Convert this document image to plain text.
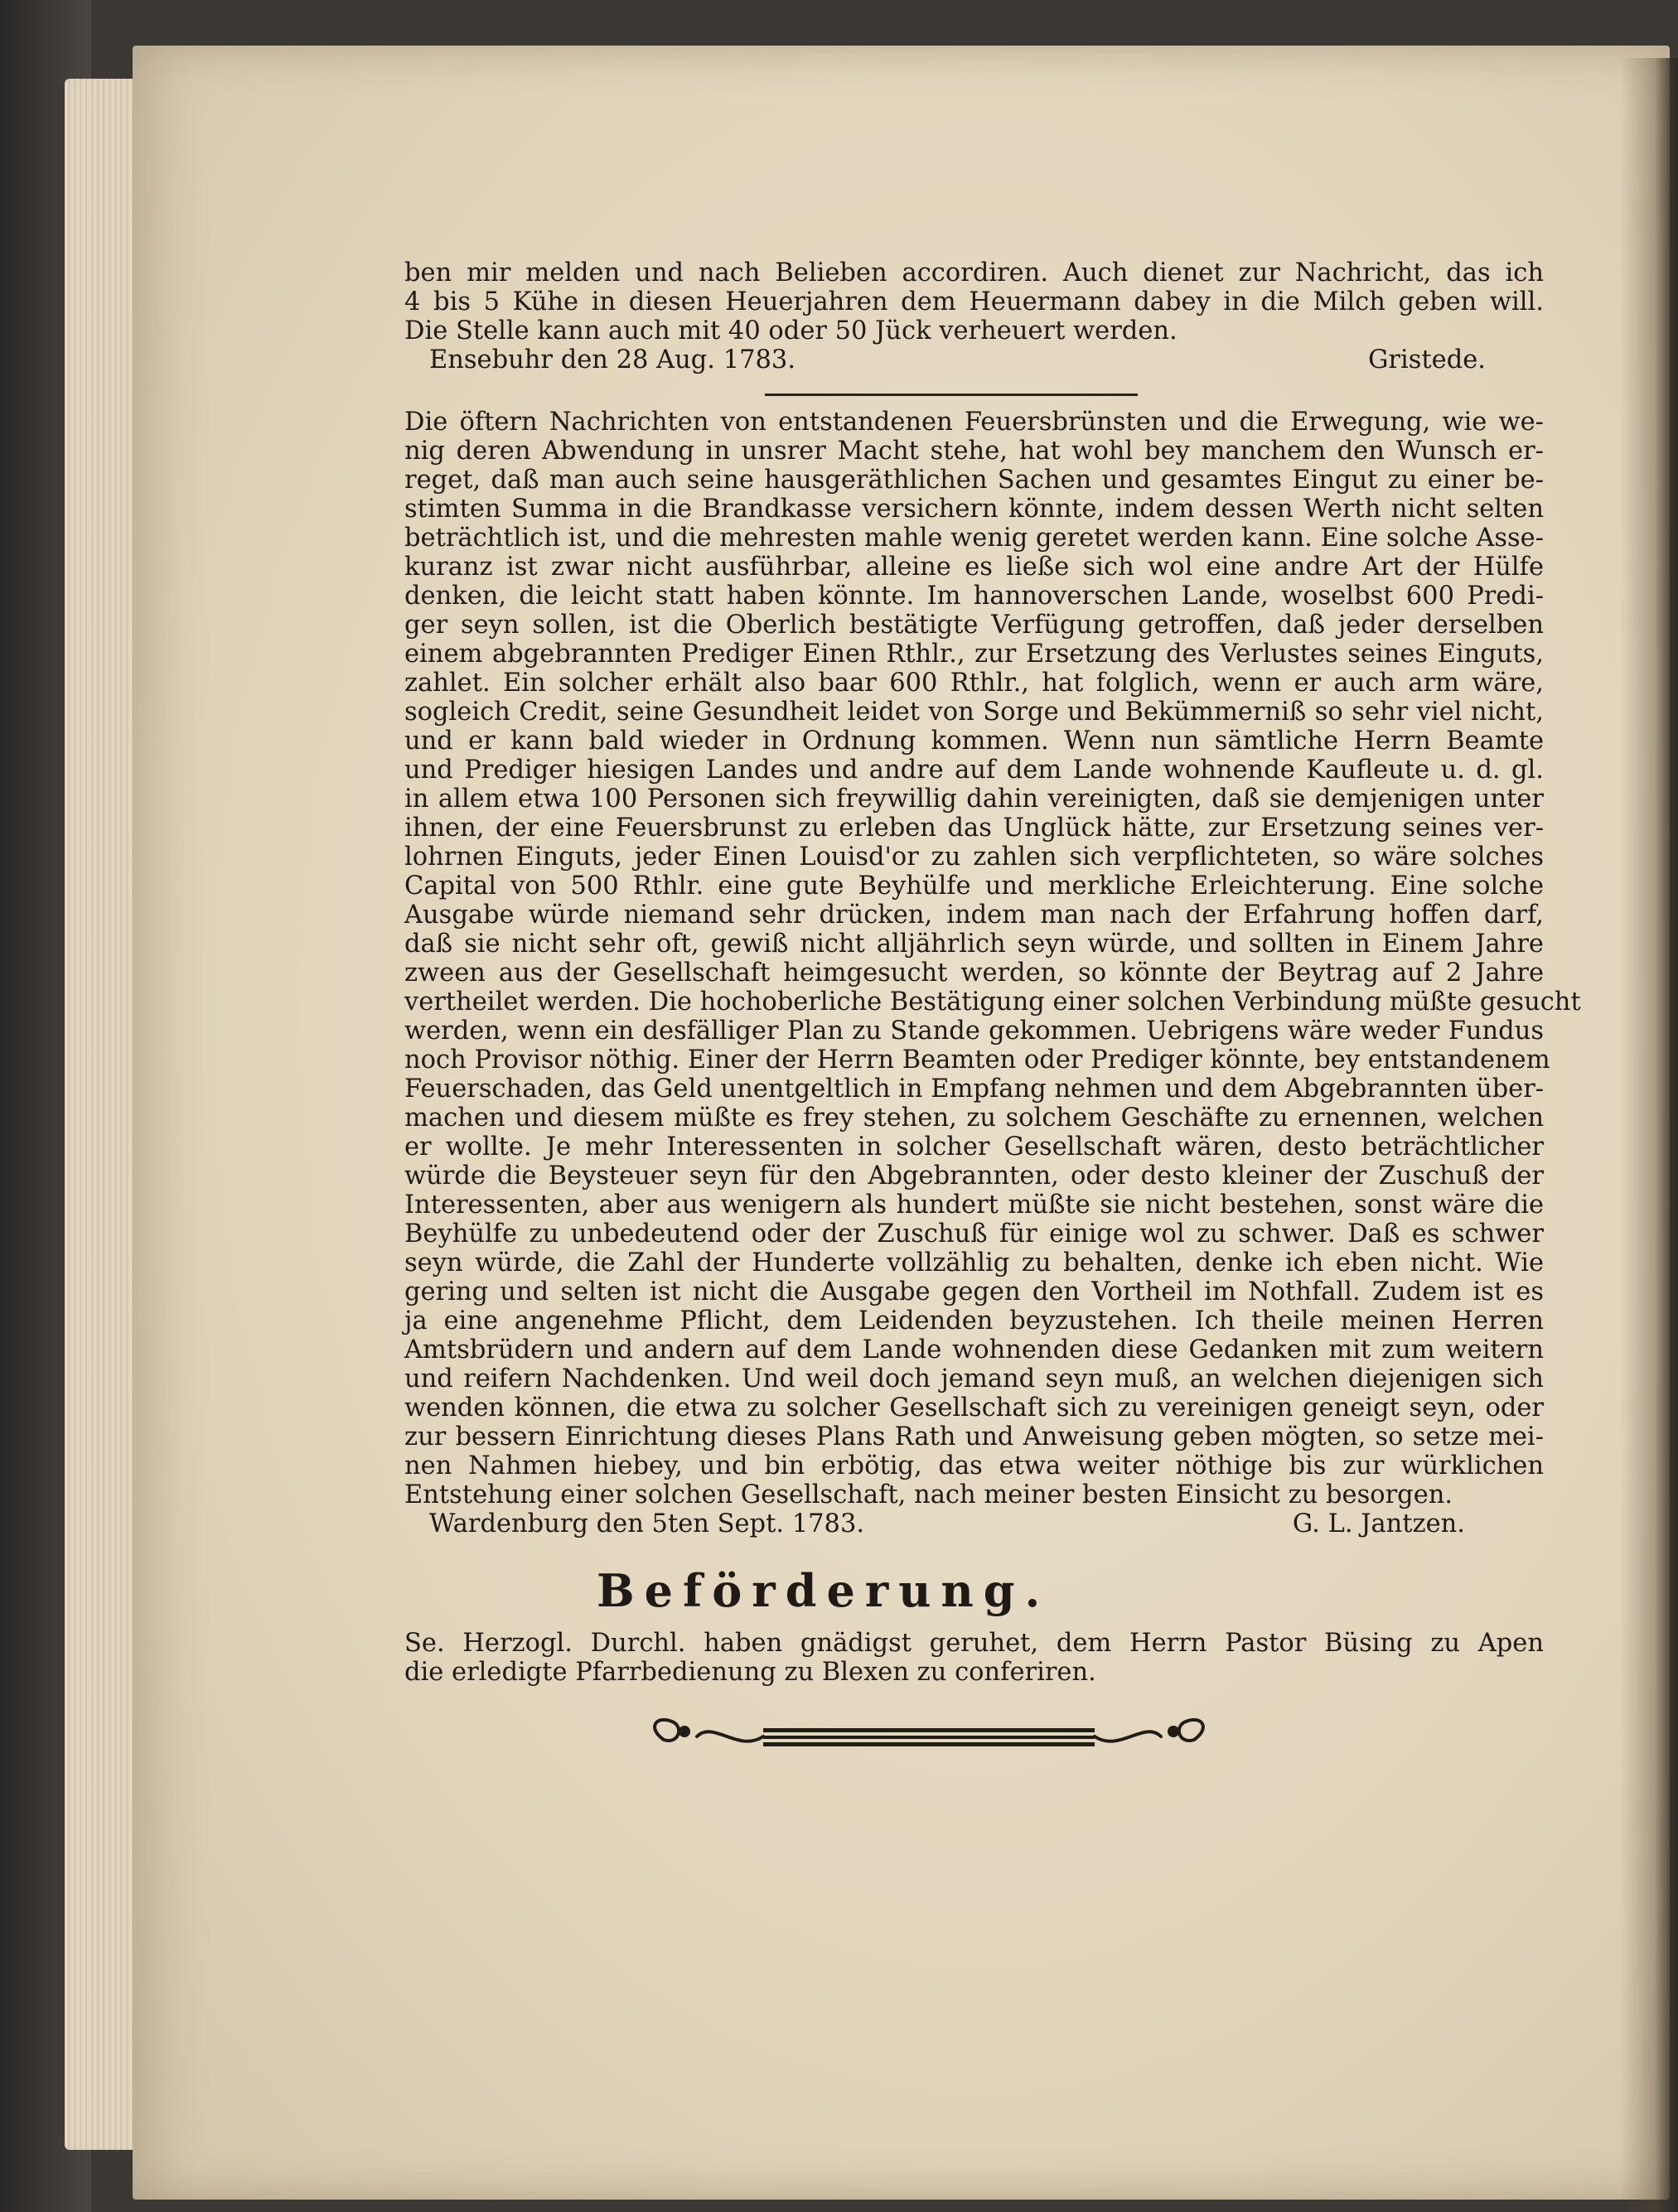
ben mir melden und nach Belieben accordiren. Auch dienet zur Nachricht, das ich
4 bis 5 Kühe in diesen Heuerjahren dem Heuermann dabey in die Milch geben will.
Die Stelle kann auch mit 40 oder 50 Jück verheuert werden.

Ensebuhr den 28 Aug. 1783.	Gristede.

Die öftern Nachrichten von entstandenen Feuersbrünsten und die Erwegung, wie we-
nig deren Abwendung in unsrer Macht stehe, hat wohl bey manchem den Wunsch er-
reget, daß man auch seine hausgeräthlichen Sachen und gesamtes Eingut zu einer be-
stimten Summa in die Brandkasse versichern könnte, indem dessen Werth nicht selten
beträchtlich ist, und die mehresten mahle wenig geretet werden kann. Eine solche Asse-
kuranz ist zwar nicht ausführbar, alleine es ließe sich wol eine andre Art der Hülfe
denken, die leicht statt haben könnte. Im hannoverschen Lande, woselbst 600 Predi-
ger seyn sollen, ist die Oberlich bestätigte Verfügung getroffen, daß jeder derselben
einem abgebrannten Prediger Einen Rthlr., zur Ersetzung des Verlustes seines Einguts,
zahlet. Ein solcher erhält also baar 600 Rthlr., hat folglich, wenn er auch arm wäre,
sogleich Credit, seine Gesundheit leidet von Sorge und Bekümmerniß so sehr viel nicht,
und er kann bald wieder in Ordnung kommen. Wenn nun sämtliche Herrn Beamte
und Prediger hiesigen Landes und andre auf dem Lande wohnende Kaufleute u. d. gl.
in allem etwa 100 Personen sich freywillig dahin vereinigten, daß sie demjenigen unter
ihnen, der eine Feuersbrunst zu erleben das Unglück hätte, zur Ersetzung seines ver-
lohrnen Einguts, jeder Einen Louisd'or zu zahlen sich verpflichteten, so wäre solches
Capital von 500 Rthlr. eine gute Beyhülfe und merkliche Erleichterung. Eine solche
Ausgabe würde niemand sehr drücken, indem man nach der Erfahrung hoffen darf,
daß sie nicht sehr oft, gewiß nicht alljährlich seyn würde, und sollten in Einem Jahre
zween aus der Gesellschaft heimgesucht werden, so könnte der Beytrag auf 2 Jahre
vertheilet werden. Die hochoberliche Bestätigung einer solchen Verbindung müßte gesucht
werden, wenn ein desfälliger Plan zu Stande gekommen. Uebrigens wäre weder Fundus
noch Provisor nöthig. Einer der Herrn Beamten oder Prediger könnte, bey entstandenem
Feuerschaden, das Geld unentgeltlich in Empfang nehmen und dem Abgebrannten über-
machen und diesem müßte es frey stehen, zu solchem Geschäfte zu ernennen, welchen
er wollte. Je mehr Interessenten in solcher Gesellschaft wären, desto beträchtlicher
würde die Beysteuer seyn für den Abgebrannten, oder desto kleiner der Zuschuß der
Interessenten, aber aus wenigern als hundert müßte sie nicht bestehen, sonst wäre die
Beyhülfe zu unbedeutend oder der Zuschuß für einige wol zu schwer. Daß es schwer
seyn würde, die Zahl der Hunderte vollzählig zu behalten, denke ich eben nicht. Wie
gering und selten ist nicht die Ausgabe gegen den Vortheil im Nothfall. Zudem ist es
ja eine angenehme Pflicht, dem Leidenden beyzustehen. Ich theile meinen Herren
Amtsbrüdern und andern auf dem Lande wohnenden diese Gedanken mit zum weitern
und reifern Nachdenken. Und weil doch jemand seyn muß, an welchen diejenigen sich
wenden können, die etwa zu solcher Gesellschaft sich zu vereinigen geneigt seyn, oder
zur bessern Einrichtung dieses Plans Rath und Anweisung geben mögten, so setze mei-
nen Nahmen hiebey, und bin erbötig, das etwa weiter nöthige bis zur würklichen
Entstehung einer solchen Gesellschaft, nach meiner besten Einsicht zu besorgen.

Wardenburg den 5ten Sept. 1783.	G. L. Jantzen.
Beförderung.

Se. Herzogl. Durchl. haben gnädigst geruhet, dem Herrn Pastor Büsing zu Apen
die erledigte Pfarrbedienung zu Blexen zu conferiren.
